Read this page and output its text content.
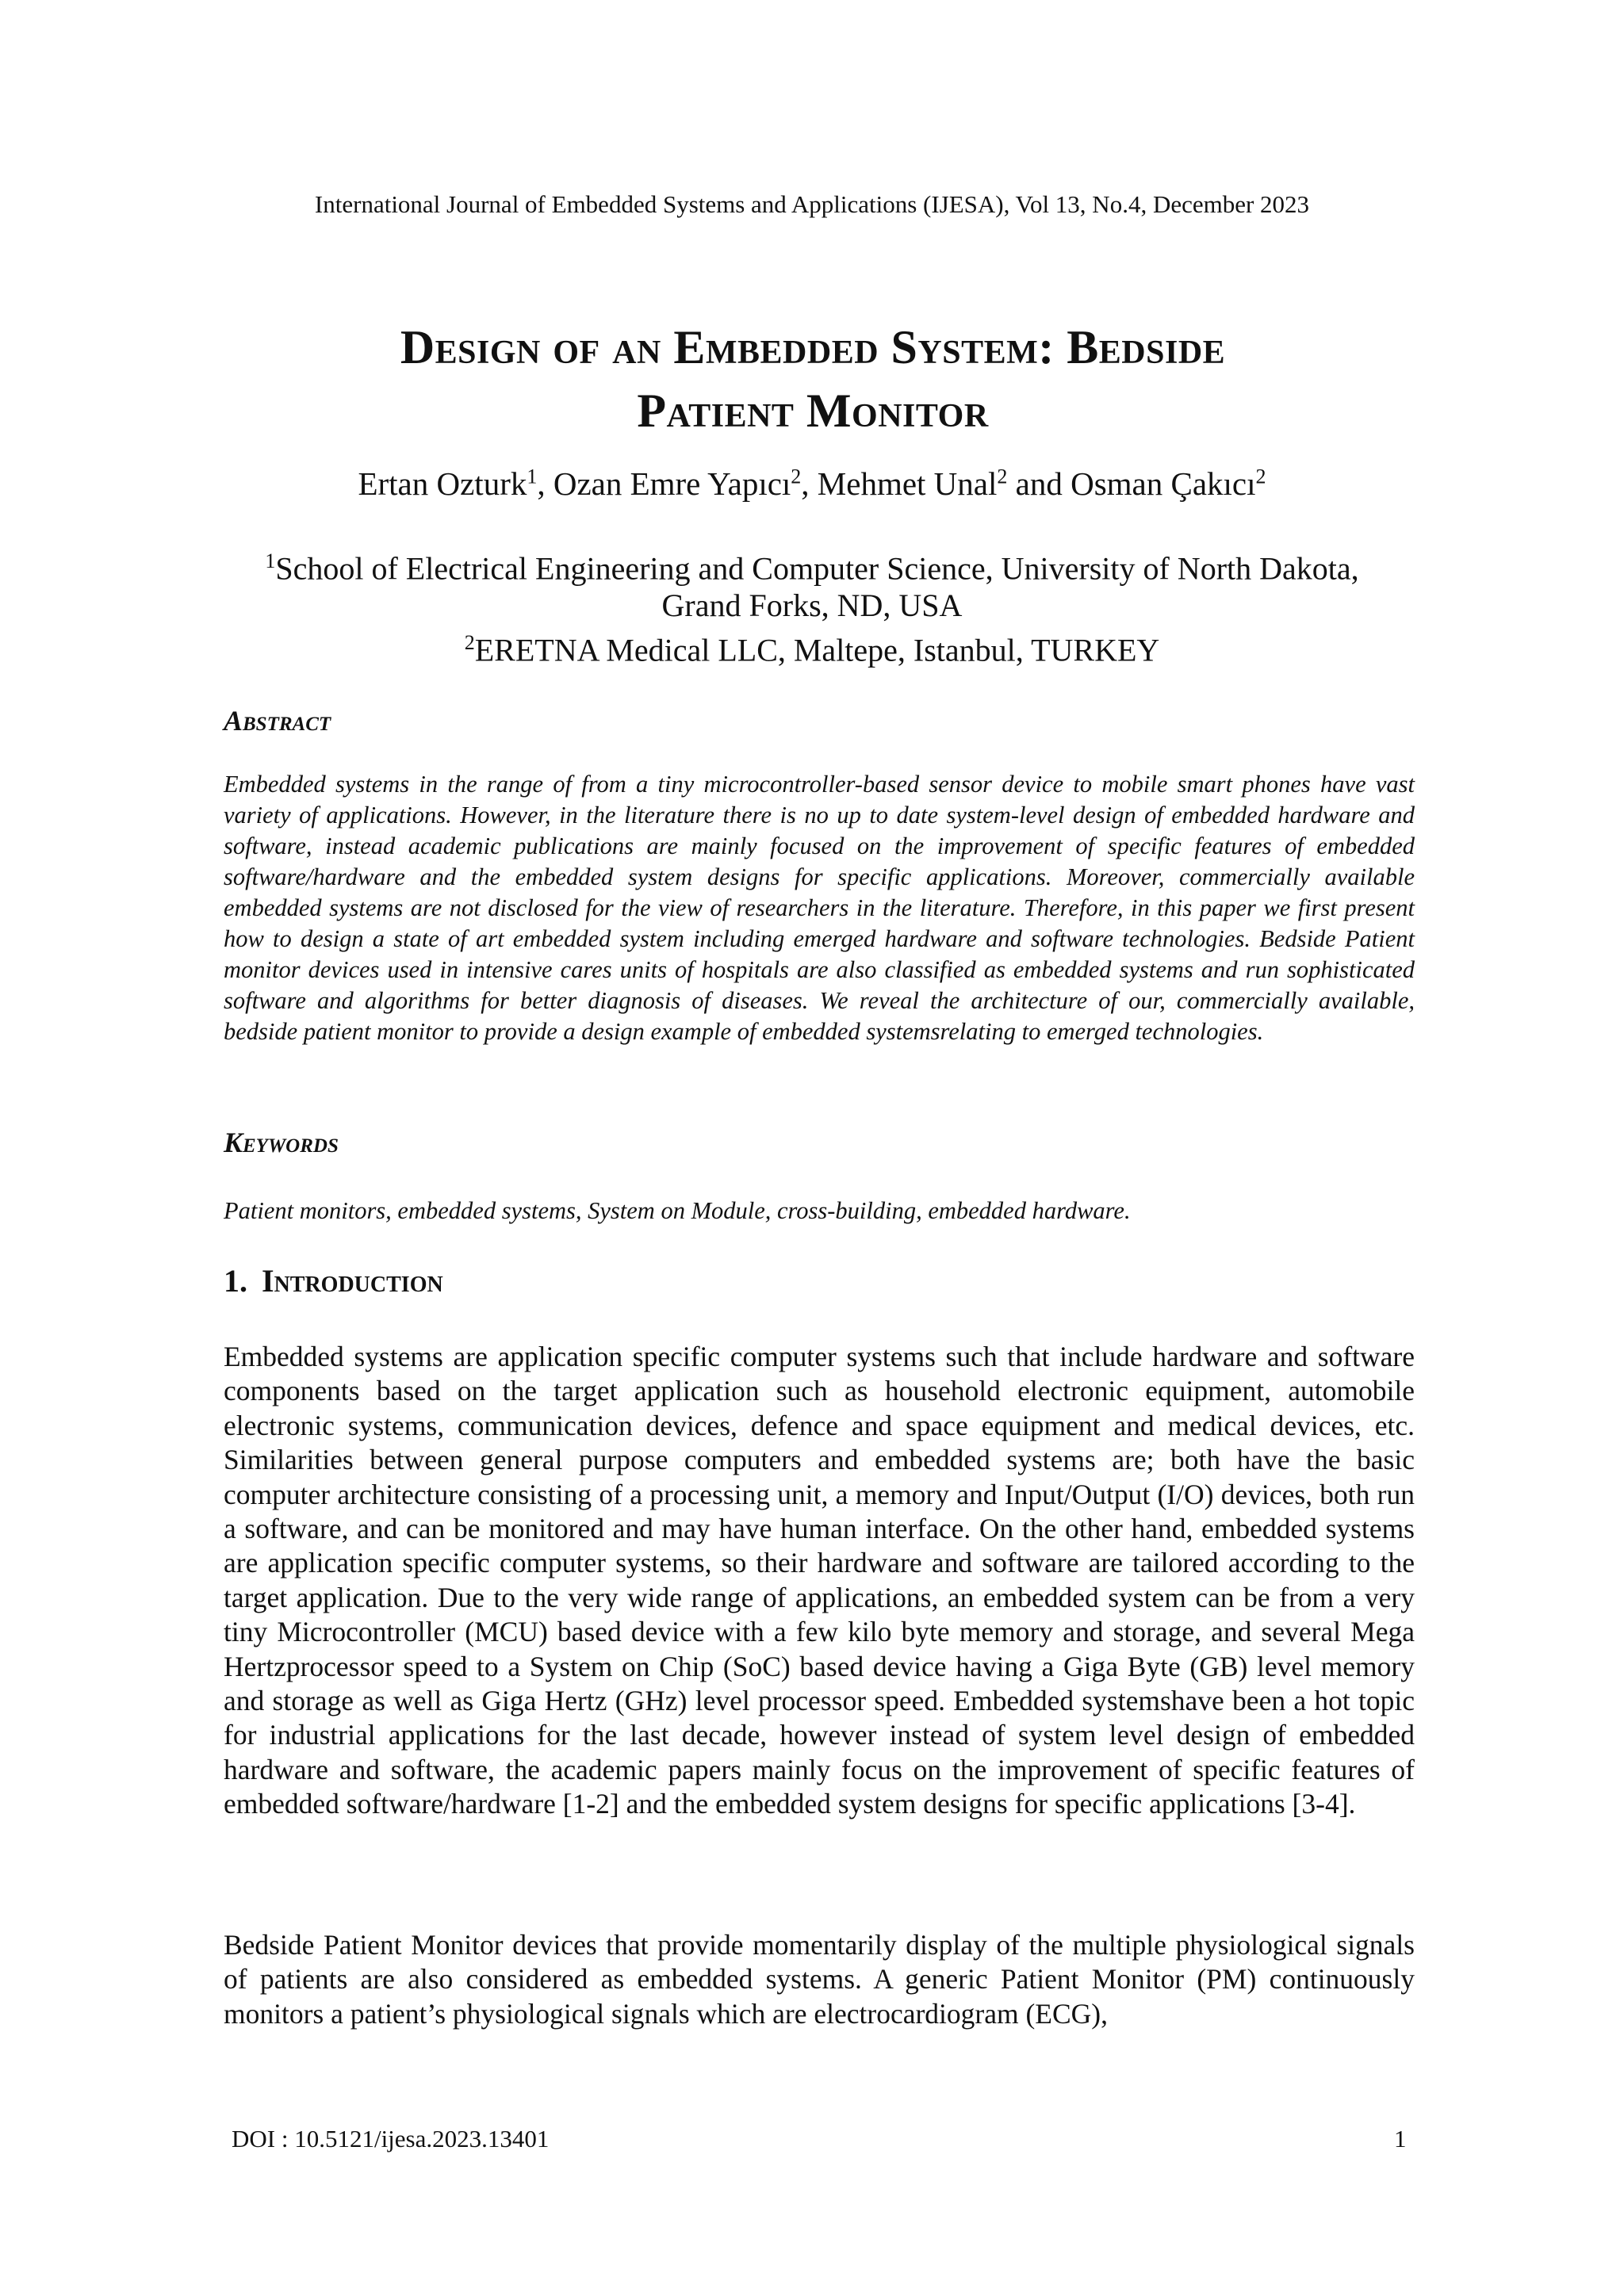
International Journal of Embedded Systems and Applications (IJESA), Vol 13, No.4, December 2023
Design of an Embedded System: Bedside
Patient Monitor
Ertan Ozturk$^1$, Ozan Emre Yapıcı$^2$, Mehmet Unal$^2$ and Osman Çakıcı$^2$
$^1$School of Electrical Engineering and Computer Science, University of North Dakota,
Grand Forks, ND, USA
$^2$ERETNA Medical LLC, Maltepe, Istanbul, TURKEY
Abstract
Embedded systems in the range of from a tiny microcontroller-based sensor device to mobile smart phones have vast variety of applications. However, in the literature there is no up to date system-level design of embedded hardware and software, instead academic publications are mainly focused on the improvement of specific features of embedded software/hardware and the embedded system designs for specific applications. Moreover, commercially available embedded systems are not disclosed for the view of researchers in the literature. Therefore, in this paper we first present how to design a state of art embedded system including emerged hardware and software technologies. Bedside Patient monitor devices used in intensive cares units of hospitals are also classified as embedded systems and run sophisticated software and algorithms for better diagnosis of diseases. We reveal the architecture of our, commercially available, bedside patient monitor to provide a design example of embedded systemsrelating to emerged technologies.
Keywords
Patient monitors, embedded systems, System on Module, cross-building, embedded hardware.
1. Introduction
Embedded systems are application specific computer systems such that include hardware and software components based on the target application such as household electronic equipment, automobile electronic systems, communication devices, defence and space equipment and medical devices, etc. Similarities between general purpose computers and embedded systems are; both have the basic computer architecture consisting of a processing unit, a memory and Input/Output (I/O) devices, both run a software, and can be monitored and may have human interface. On the other hand, embedded systems are application specific computer systems, so their hardware and software are tailored according to the target application. Due to the very wide range of applications, an embedded system can be from a very tiny Microcontroller (MCU) based device with a few kilo byte memory and storage, and several Mega Hertzprocessor speed to a System on Chip (SoC) based device having a Giga Byte (GB) level memory and storage as well as Giga Hertz (GHz) level processor speed. Embedded systemshave been a hot topic for industrial applications for the last decade, however instead of system level design of embedded hardware and software, the academic papers mainly focus on the improvement of specific features of embedded software/hardware [1-2] and the embedded system designs for specific applications [3-4].
Bedside Patient Monitor devices that provide momentarily display of the multiple physiological signals of patients are also considered as embedded systems. A generic Patient Monitor (PM) continuously monitors a patient’s physiological signals which are electrocardiogram (ECG),
DOI : 10.5121/ijesa.2023.13401	1
